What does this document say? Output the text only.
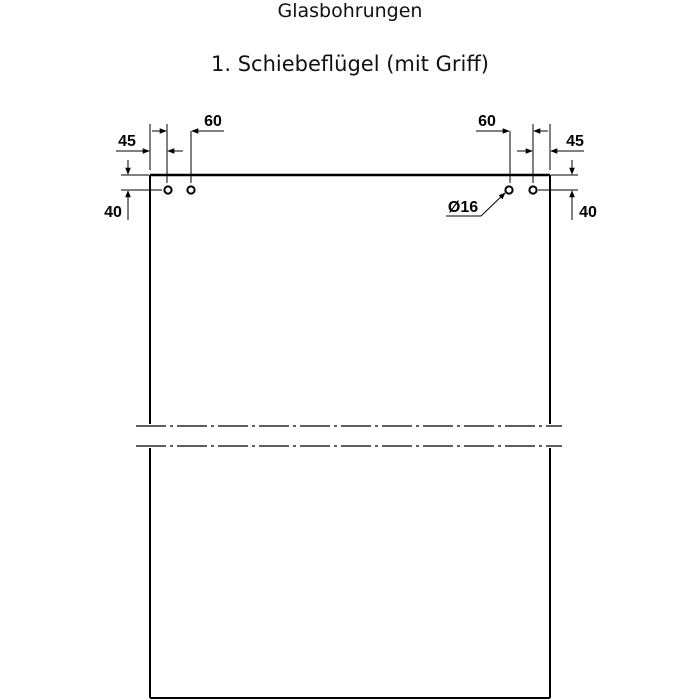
Glasbohrungen
1. Schiebeflügel (mit Griff)
45
60
40
60
45
40
Ø16
